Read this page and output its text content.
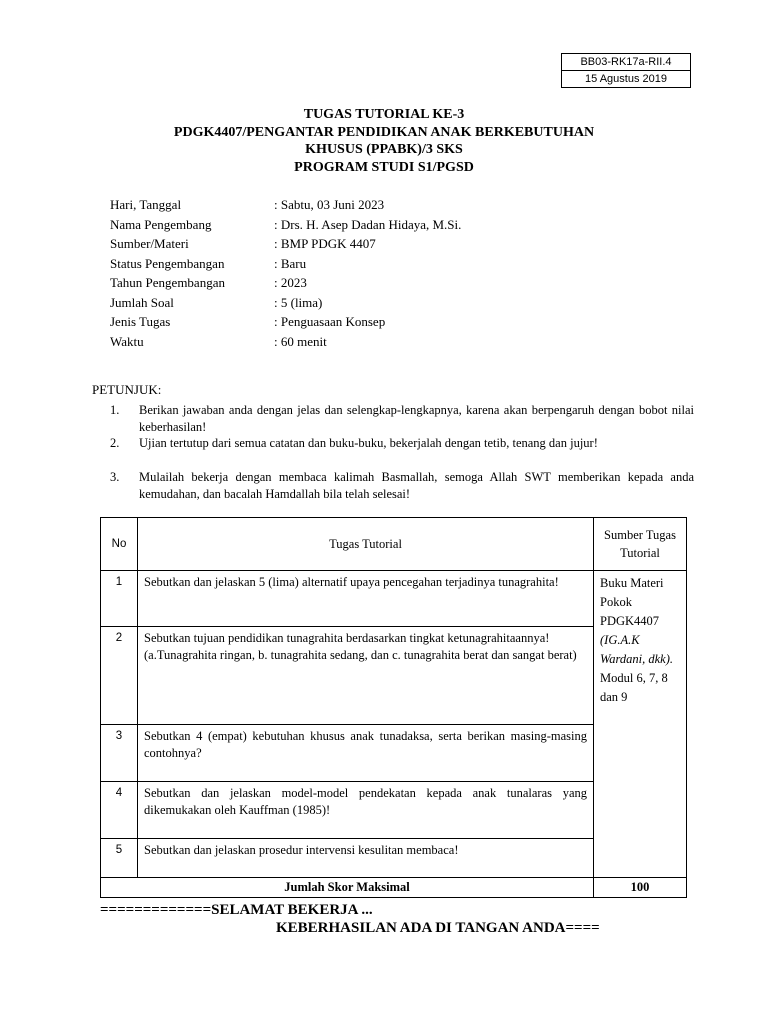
BB03-RK17a-RII.4
15 Agustus 2019
TUGAS TUTORIAL KE-3
PDGK4407/PENGANTAR PENDIDIKAN ANAK BERKEBUTUHAN
KHUSUS (PPABK)/3 SKS
PROGRAM STUDI S1/PGSD
Hari, Tanggal	: Sabtu, 03 Juni 2023
Nama Pengembang	: Drs. H. Asep Dadan Hidaya, M.Si.
Sumber/Materi	: BMP PDGK 4407
Status Pengembangan	: Baru
Tahun Pengembangan	: 2023
Jumlah Soal	: 5 (lima)
Jenis Tugas	: Penguasaan Konsep
Waktu	: 60 menit
PETUNJUK:
1.	Berikan jawaban anda dengan jelas dan selengkap-lengkapnya, karena akan berpengaruh dengan bobot nilai keberhasilan!
2.	Ujian tertutup dari semua catatan dan buku-buku, bekerjalah dengan tetib, tenang dan jujur!
3.	Mulailah bekerja dengan membaca kalimah Basmallah, semoga Allah SWT memberikan kepada anda kemudahan, dan bacalah Hamdallah bila telah selesai!
No	Tugas Tutorial	Sumber Tugas Tutorial
1	Sebutkan dan jelaskan 5 (lima) alternatif upaya pencegahan terjadinya tunagrahita!	Buku Materi Pokok PDGK4407
(IG.A.K Wardani, dkk).
Modul 6, 7, 8 dan 9

2	Sebutkan tujuan pendidikan tunagrahita berdasarkan tingkat ketunagrahitaannya!
(a.Tunagrahita ringan, b. tunagrahita sedang, dan c. tunagrahita berat dan sangat berat)	

3	Sebutkan 4 (empat) kebutuhan khusus anak tunadaksa, serta berikan masing-masing contohnya?	
4	Sebutkan dan jelaskan model-model pendekatan kepada anak tunalaras yang dikemukakan oleh Kauffman (1985)!	
5	Sebutkan dan jelaskan prosedur intervensi kesulitan membaca!	
Jumlah Skor Maksimal		100
=============SELAMAT BEKERJA ...
KEBERHASILAN ADA DI TANGAN ANDA====
